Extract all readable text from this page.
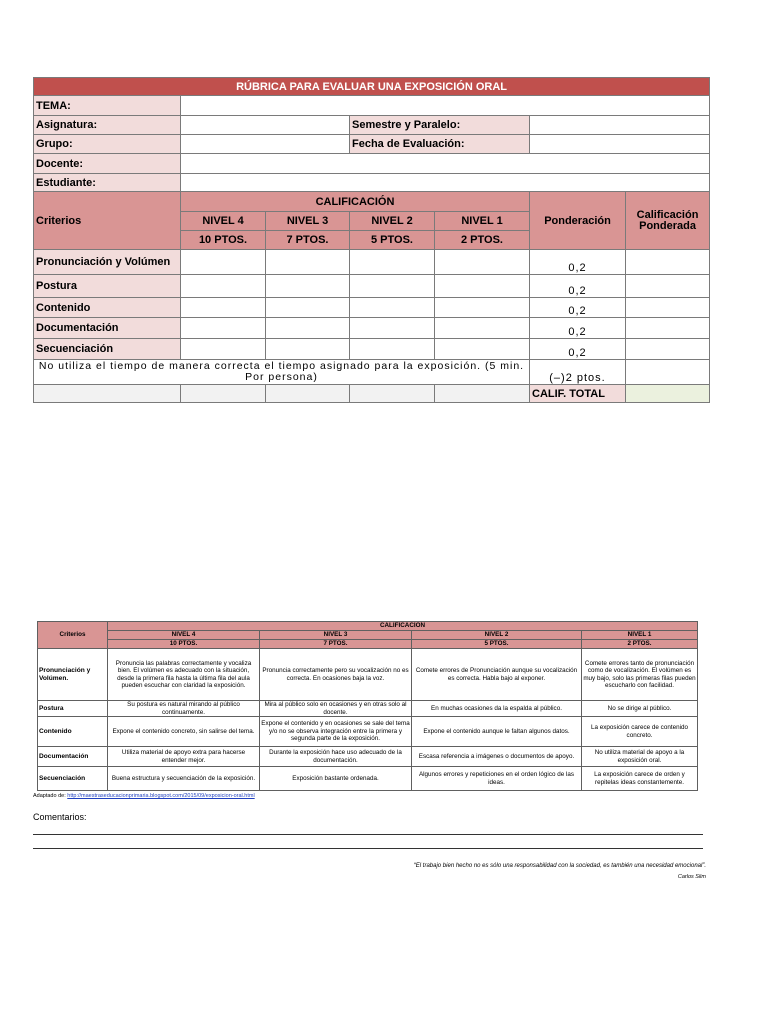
RÚBRICA PARA EVALUAR UNA EXPOSICIÓN ORAL						
TEMA:						
Asignatura:			Semestre y Paralelo:			
Grupo:			Fecha de Evaluación:			
Docente:						
Estudiante:						
Criterios	CALIFICACIÓN				Ponderación	Calificación Ponderada
	NIVEL 4	NIVEL 3	NIVEL 2	NIVEL 1		
	10 PTOS.	7 PTOS.	5 PTOS.	2 PTOS.		
Pronunciación y Volúmen					0,2	
Postura					0,2	
Contenido					0,2	
Documentación					0,2	
Secuenciación					0,2	
No utiliza el tiempo de manera correcta el tiempo asignado para la exposición. (5 min. Por persona)					(–)2 ptos.	
					CALIF. TOTAL	
Criterios	CALIFICACIÓN			
	NIVEL 4	NIVEL 3	NIVEL 2	NIVEL 1
	10 PTOS.	7 PTOS.	5 PTOS.	2 PTOS.
Pronunciación y Volúmen.	Pronuncia las palabras correctamente y vocaliza bien. El volúmen es adecuado con la situación, desde la primera fila hasta la última fila del aula pueden escuchar con claridad la exposición.	Pronuncia correctamente pero su vocalización no es correcta. En ocasiones baja la voz.	Comete errores de Pronunciación aunque su vocalización es correcta. Habla bajo al exponer.	Comete errores tanto de pronunciación como de vocalización. El volúmen es muy bajo, solo las primeras filas pueden escucharlo con facilidad.
Postura	Su postura es natural mirando al público continuamente.	Mira al público solo en ocasiones y en otras solo al docente.	En muchas ocasiones da la espalda al público.	No se dirige al público.
Contenido	Expone el contenido concreto, sin salirse del tema.	Expone el contenido y en ocasiones se sale del tema y/o no se observa integración entre la primera y segunda parte de la exposición.	Expone el contenido aunque le faltan algunos datos.	La exposición carece de contenido concreto.
Documentación	Utiliza material de apoyo extra para hacerse entender mejor.	Durante la exposición hace uso adecuado de la documentación.	Escasa referencia a imágenes o documentos de apoyo.	No utiliza material de apoyo a la exposición oral.
Secuenciación	Buena estructura y secuenciación de la exposición.	Exposición bastante ordenada.	Algunos errores y repeticiones en el orden lógico de las ideas.	La exposición carece de orden y repitelas ideas constantemente.
Adaptado de: http://maestraseducacionprimaria.blogspot.com/2015/09/exposicion-oral.html
Comentarios:
“El trabajo bien hecho no es sólo una responsabilidad con la sociedad, es también una necesidad emocional”.
Carlos Slim
